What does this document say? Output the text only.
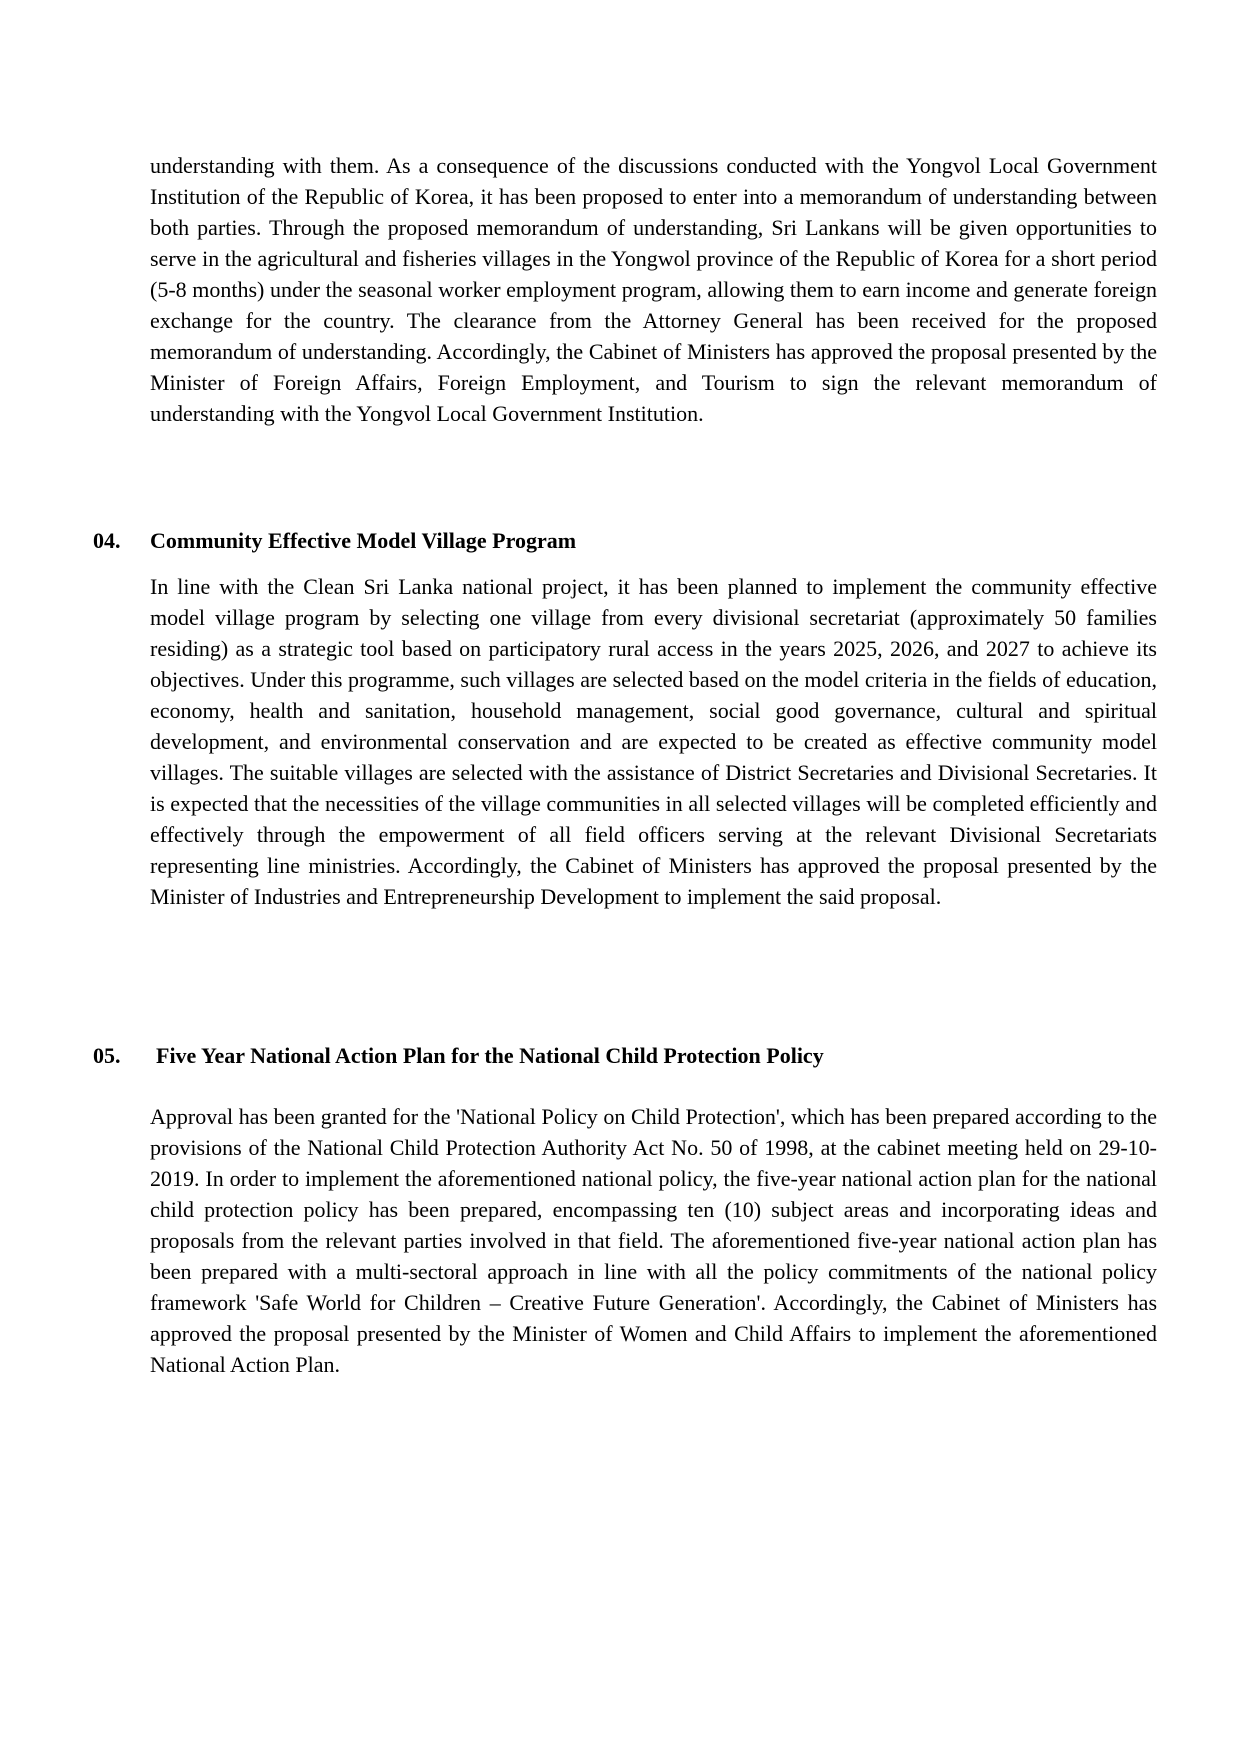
understanding with them. As a consequence of the discussions conducted with the Yongvol Local Government Institution of the Republic of Korea, it has been proposed to enter into a memorandum of understanding between both parties. Through the proposed memorandum of understanding, Sri Lankans will be given opportunities to serve in the agricultural and fisheries villages in the Yongwol province of the Republic of Korea for a short period (5-8 months) under the seasonal worker employment program, allowing them to earn income and generate foreign exchange for the country. The clearance from the Attorney General has been received for the proposed memorandum of understanding. Accordingly, the Cabinet of Ministers has approved the proposal presented by the Minister of Foreign Affairs, Foreign Employment, and Tourism to sign the relevant memorandum of understanding with the Yongvol Local Government Institution.

04. Community Effective Model Village Program

In line with the Clean Sri Lanka national project, it has been planned to implement the community effective model village program by selecting one village from every divisional secretariat (approximately 50 families residing) as a strategic tool based on participatory rural access in the years 2025, 2026, and 2027 to achieve its objectives. Under this programme, such villages are selected based on the model criteria in the fields of education, economy, health and sanitation, household management, social good governance, cultural and spiritual development, and environmental conservation and are expected to be created as effective community model villages. The suitable villages are selected with the assistance of District Secretaries and Divisional Secretaries. It is expected that the necessities of the village communities in all selected villages will be completed efficiently and effectively through the empowerment of all field officers serving at the relevant Divisional Secretariats representing line ministries. Accordingly, the Cabinet of Ministers has approved the proposal presented by the Minister of Industries and Entrepreneurship Development to implement the said proposal.

05. Five Year National Action Plan for the National Child Protection Policy

Approval has been granted for the 'National Policy on Child Protection', which has been prepared according to the provisions of the National Child Protection Authority Act No. 50 of 1998, at the cabinet meeting held on 29-10-2019. In order to implement the aforementioned national policy, the five-year national action plan for the national child protection policy has been prepared, encompassing ten (10) subject areas and incorporating ideas and proposals from the relevant parties involved in that field. The aforementioned five-year national action plan has been prepared with a multi-sectoral approach in line with all the policy commitments of the national policy framework 'Safe World for Children – Creative Future Generation'. Accordingly, the Cabinet of Ministers has approved the proposal presented by the Minister of Women and Child Affairs to implement the aforementioned National Action Plan.
